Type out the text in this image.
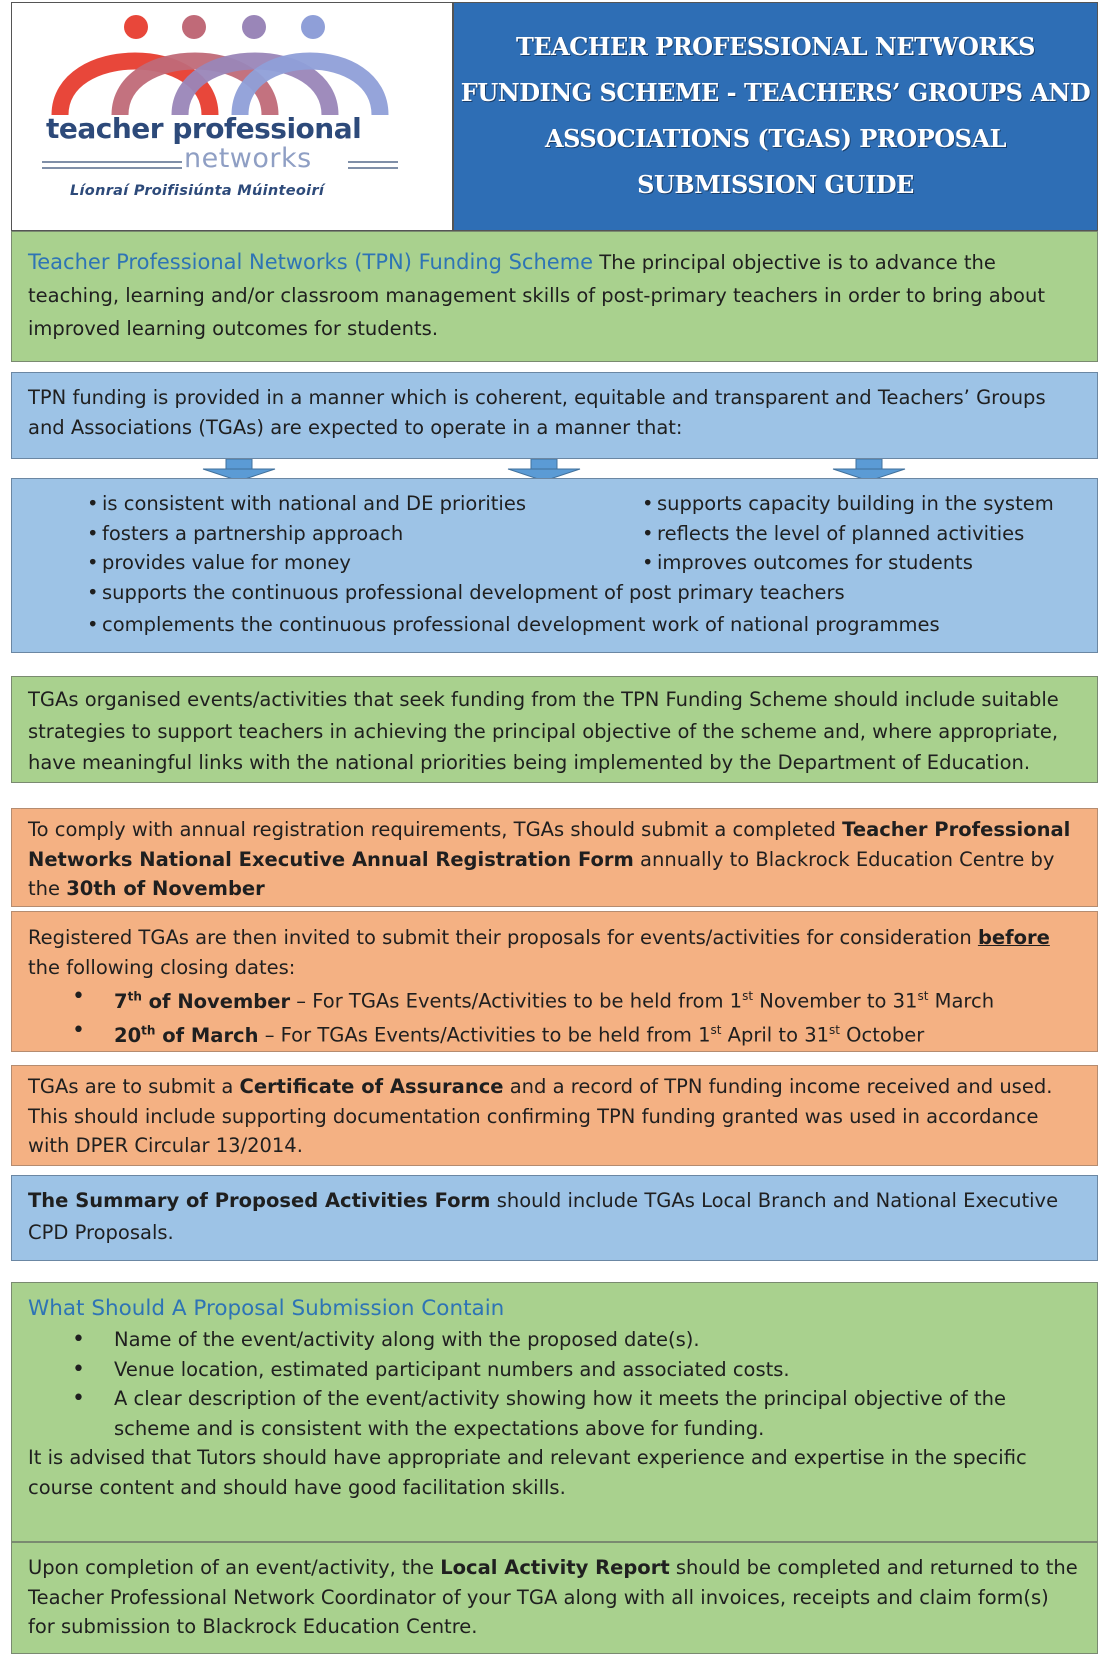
teacher professional
networks
Líonraí Proifisiúnta Múinteoirí
TEACHER PROFESSIONAL NETWORKS
FUNDING SCHEME - TEACHERS’ GROUPS AND
ASSOCIATIONS (TGAS) PROPOSAL
SUBMISSION GUIDE

Teacher Professional Networks (TPN) Funding Scheme The principal objective is to advance the teaching, learning and/or classroom management skills of post-primary teachers in order to bring about improved learning outcomes for students.

TPN funding is provided in a manner which is coherent, equitable and transparent and Teachers’ Groups and Associations (TGAs) are expected to operate in a manner that:

• is consistent with national and DE priorities
• fosters a partnership approach
• provides value for money
• supports capacity building in the system
• reflects the level of planned activities
• improves outcomes for students
• supports the continuous professional development of post primary teachers
• complements the continuous professional development work of national programmes

TGAs organised events/activities that seek funding from the TPN Funding Scheme should include suitable strategies to support teachers in achieving the principal objective of the scheme and, where appropriate, have meaningful links with the national priorities being implemented by the Department of Education.

To comply with annual registration requirements, TGAs should submit a completed Teacher Professional Networks National Executive Annual Registration Form annually to Blackrock Education Centre by the 30th of November

Registered TGAs are then invited to submit their proposals for events/activities for consideration before the following closing dates:

• 7th of November – For TGAs Events/Activities to be held from 1st November to 31st March
• 20th of March – For TGAs Events/Activities to be held from 1st April to 31st October

TGAs are to submit a Certificate of Assurance and a record of TPN funding income received and used. This should include supporting documentation confirming TPN funding granted was used in accordance with DPER Circular 13/2014.

The Summary of Proposed Activities Form should include TGAs Local Branch and National Executive CPD Proposals.

What Should A Proposal Submission Contain
• Name of the event/activity along with the proposed date(s).
• Venue location, estimated participant numbers and associated costs.
• A clear description of the event/activity showing how it meets the principal objective of the scheme and is consistent with the expectations above for funding.

It is advised that Tutors should have appropriate and relevant experience and expertise in the specific course content and should have good facilitation skills.

Upon completion of an event/activity, the Local Activity Report should be completed and returned to the Teacher Professional Network Coordinator of your TGA along with all invoices, receipts and claim form(s) for submission to Blackrock Education Centre.
